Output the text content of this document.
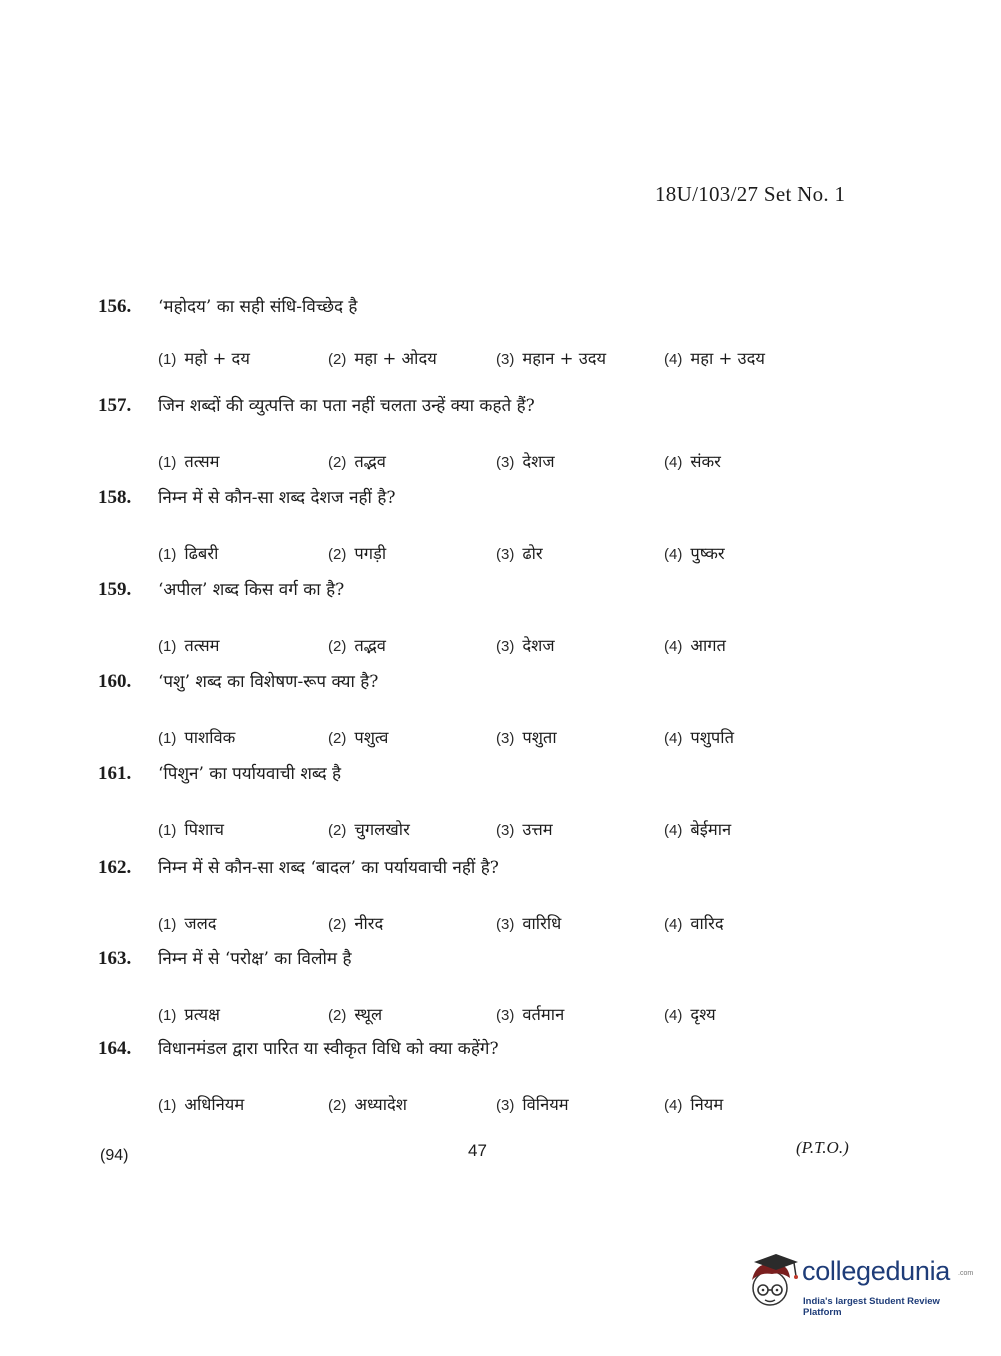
18U/103/27 Set No. 1
156.	‘महोदय’ का सही संधि-विच्छेद है
(1) महो + दय	(2) महा + ओदय	(3) महान + उदय	(4) महा + उदय
157.	जिन शब्दों की व्युत्पत्ति का पता नहीं चलता उन्हें क्या कहते हैं?
(1) तत्सम	(2) तद्भव	(3) देशज	(4) संकर
158.	निम्न में से कौन-सा शब्द देशज नहीं है?
(1) ढिबरी	(2) पगड़ी	(3) ढोर	(4) पुष्कर
159.	‘अपील’ शब्द किस वर्ग का है?
(1) तत्सम	(2) तद्भव	(3) देशज	(4) आगत
160.	‘पशु’ शब्द का विशेषण-रूप क्या है?
(1) पाशविक	(2) पशुत्व	(3) पशुता	(4) पशुपति
161.	‘पिशुन’ का पर्यायवाची शब्द है
(1) पिशाच	(2) चुगलखोर	(3) उत्तम	(4) बेईमान
162.	निम्न में से कौन-सा शब्द ‘बादल’ का पर्यायवाची नहीं है?
(1) जलद	(2) नीरद	(3) वारिधि	(4) वारिद
163.	निम्न में से ‘परोक्ष’ का विलोम है
(1) प्रत्यक्ष	(2) स्थूल	(3) वर्तमान	(4) दृश्य
164.	विधानमंडल द्वारा पारित या स्वीकृत विधि को क्या कहेंगे?
(1) अधिनियम	(2) अध्यादेश	(3) विनियम	(4) नियम
(94)	47	(P.T.O.)
collegedunia .com
India's largest Student Review Platform
